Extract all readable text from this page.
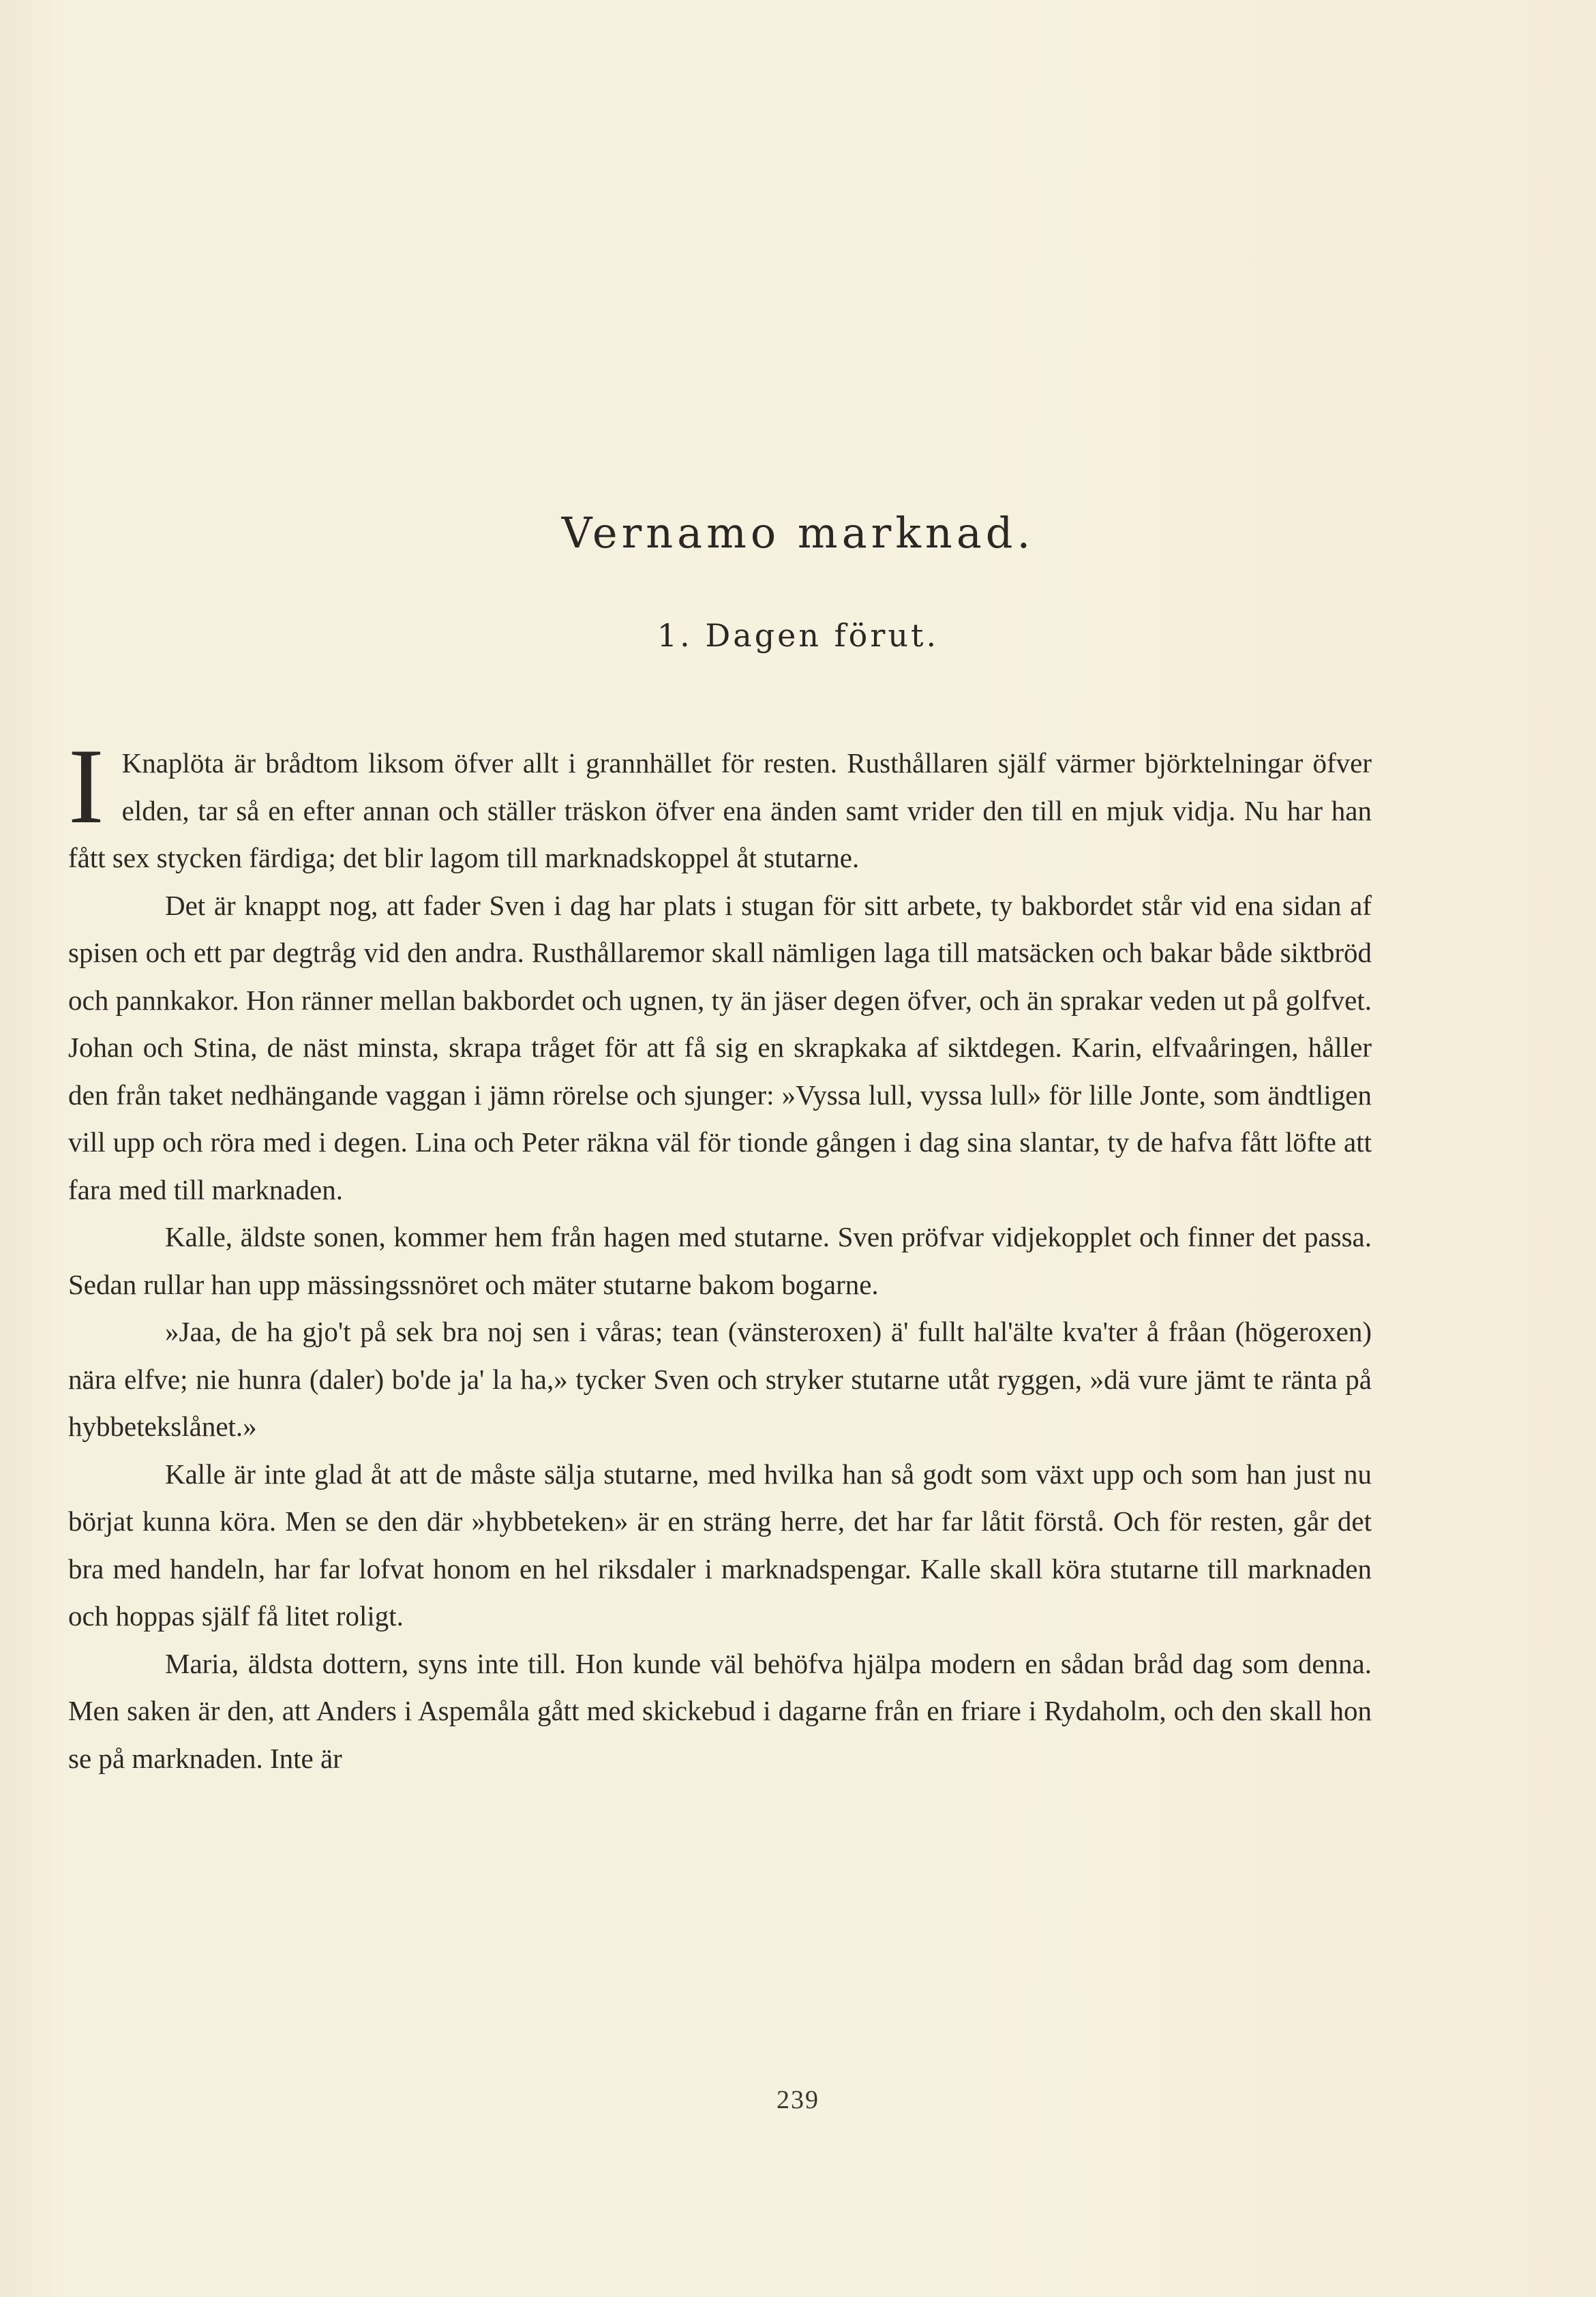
Vernamo marknad.
1. Dagen förut.

I Knaplöta är brådtom liksom öfver allt i grannhället för resten. Rusthållaren själf värmer björktelningar öfver elden, tar så en efter annan och ställer träskon öfver ena änden samt vrider den till en mjuk vidja. Nu har han fått sex stycken färdiga; det blir lagom till marknadskoppel åt stutarne.

Det är knappt nog, att fader Sven i dag har plats i stugan för sitt arbete, ty bakbordet står vid ena sidan af spisen och ett par degtråg vid den andra. Rusthållaremor skall nämligen laga till matsäcken och bakar både siktbröd och pannkakor. Hon ränner mellan bakbordet och ugnen, ty än jäser degen öfver, och än sprakar veden ut på golfvet. Johan och Stina, de näst minsta, skrapa tråget för att få sig en skrapkaka af siktdegen. Karin, elfvaåringen, håller den från taket nedhängande vaggan i jämn rörelse och sjunger: »Vyssa lull, vyssa lull» för lille Jonte, som ändtligen vill upp och röra med i degen. Lina och Peter räkna väl för tionde gången i dag sina slantar, ty de hafva fått löfte att fara med till marknaden.

Kalle, äldste sonen, kommer hem från hagen med stutarne. Sven pröfvar vidjekopplet och finner det passa. Sedan rullar han upp mässingssnöret och mäter stutarne bakom bogarne.

»Jaa, de ha gjo't på sek bra noj sen i våras; tean (vänsteroxen) ä' fullt hal'älte kva'ter å fråan (högeroxen) nära elfve; nie hunra (daler) bo'de ja' la ha,» tycker Sven och stryker stutarne utåt ryggen, »dä vure jämt te ränta på hybbetekslånet.»

Kalle är inte glad åt att de måste sälja stutarne, med hvilka han så godt som växt upp och som han just nu börjat kunna köra. Men se den där »hybbeteken» är en sträng herre, det har far låtit förstå. Och för resten, går det bra med handeln, har far lofvat honom en hel riksdaler i marknadspengar. Kalle skall köra stutarne till marknaden och hoppas själf få litet roligt.

Maria, äldsta dottern, syns inte till. Hon kunde väl behöfva hjälpa modern en sådan bråd dag som denna. Men saken är den, att Anders i Aspemåla gått med skickebud i dagarne från en friare i Rydaholm, och den skall hon se på marknaden. Inte är

239
